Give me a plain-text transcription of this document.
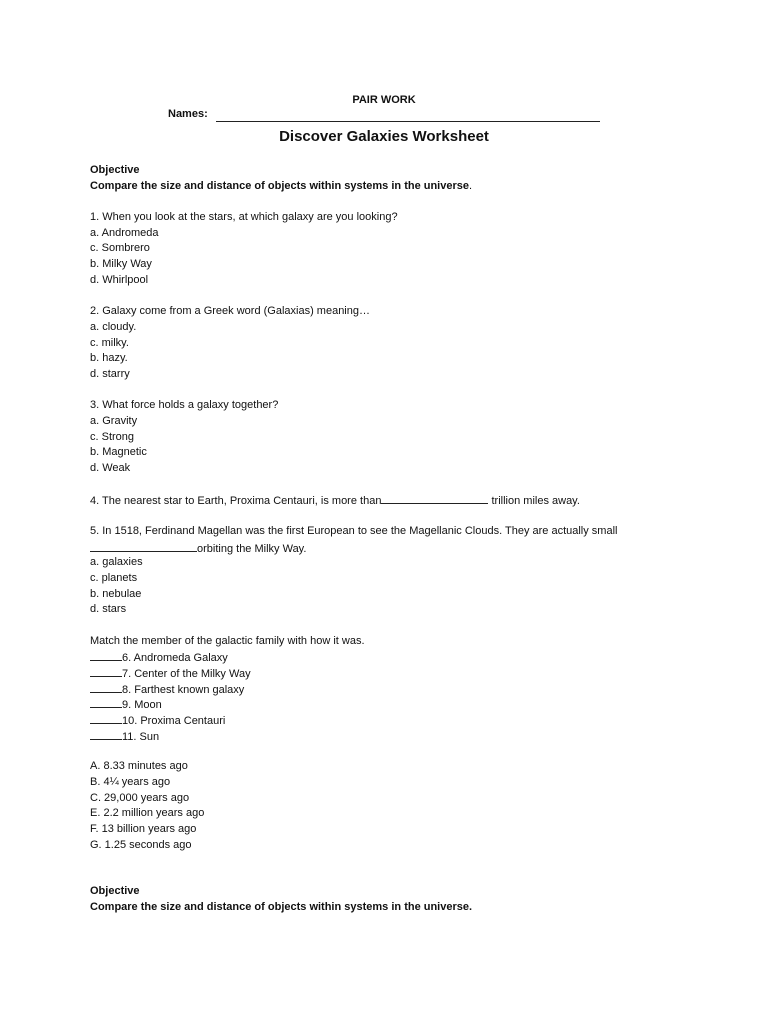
PAIR WORK
Names:
Discover Galaxies Worksheet
Objective
Compare the size and distance of objects within systems in the universe.
1. When you look at the stars, at which galaxy are you looking?
a. Andromeda
c. Sombrero
b. Milky Way
d. Whirlpool
2. Galaxy come from a Greek word (Galaxias) meaning…
a. cloudy.
c. milky.
b. hazy.
d. starry
3. What force holds a galaxy together?
a. Gravity
c. Strong
b. Magnetic
d. Weak
4. The nearest star to Earth, Proxima Centauri, is more than	trillion miles away.
5. In 1518, Ferdinand Magellan was the first European to see the Magellanic Clouds. They are actually small
orbiting the Milky Way.
a. galaxies
c. planets
b. nebulae
d. stars
Match the member of the galactic family with how it was.
6. Andromeda Galaxy
7. Center of the Milky Way
8. Farthest known galaxy
9. Moon
10. Proxima Centauri
11. Sun
A. 8.33 minutes ago
B. 4¼ years ago
C. 29,000 years ago
E. 2.2 million years ago
F. 13 billion years ago
G. 1.25 seconds ago
Objective
Compare the size and distance of objects within systems in the universe.
